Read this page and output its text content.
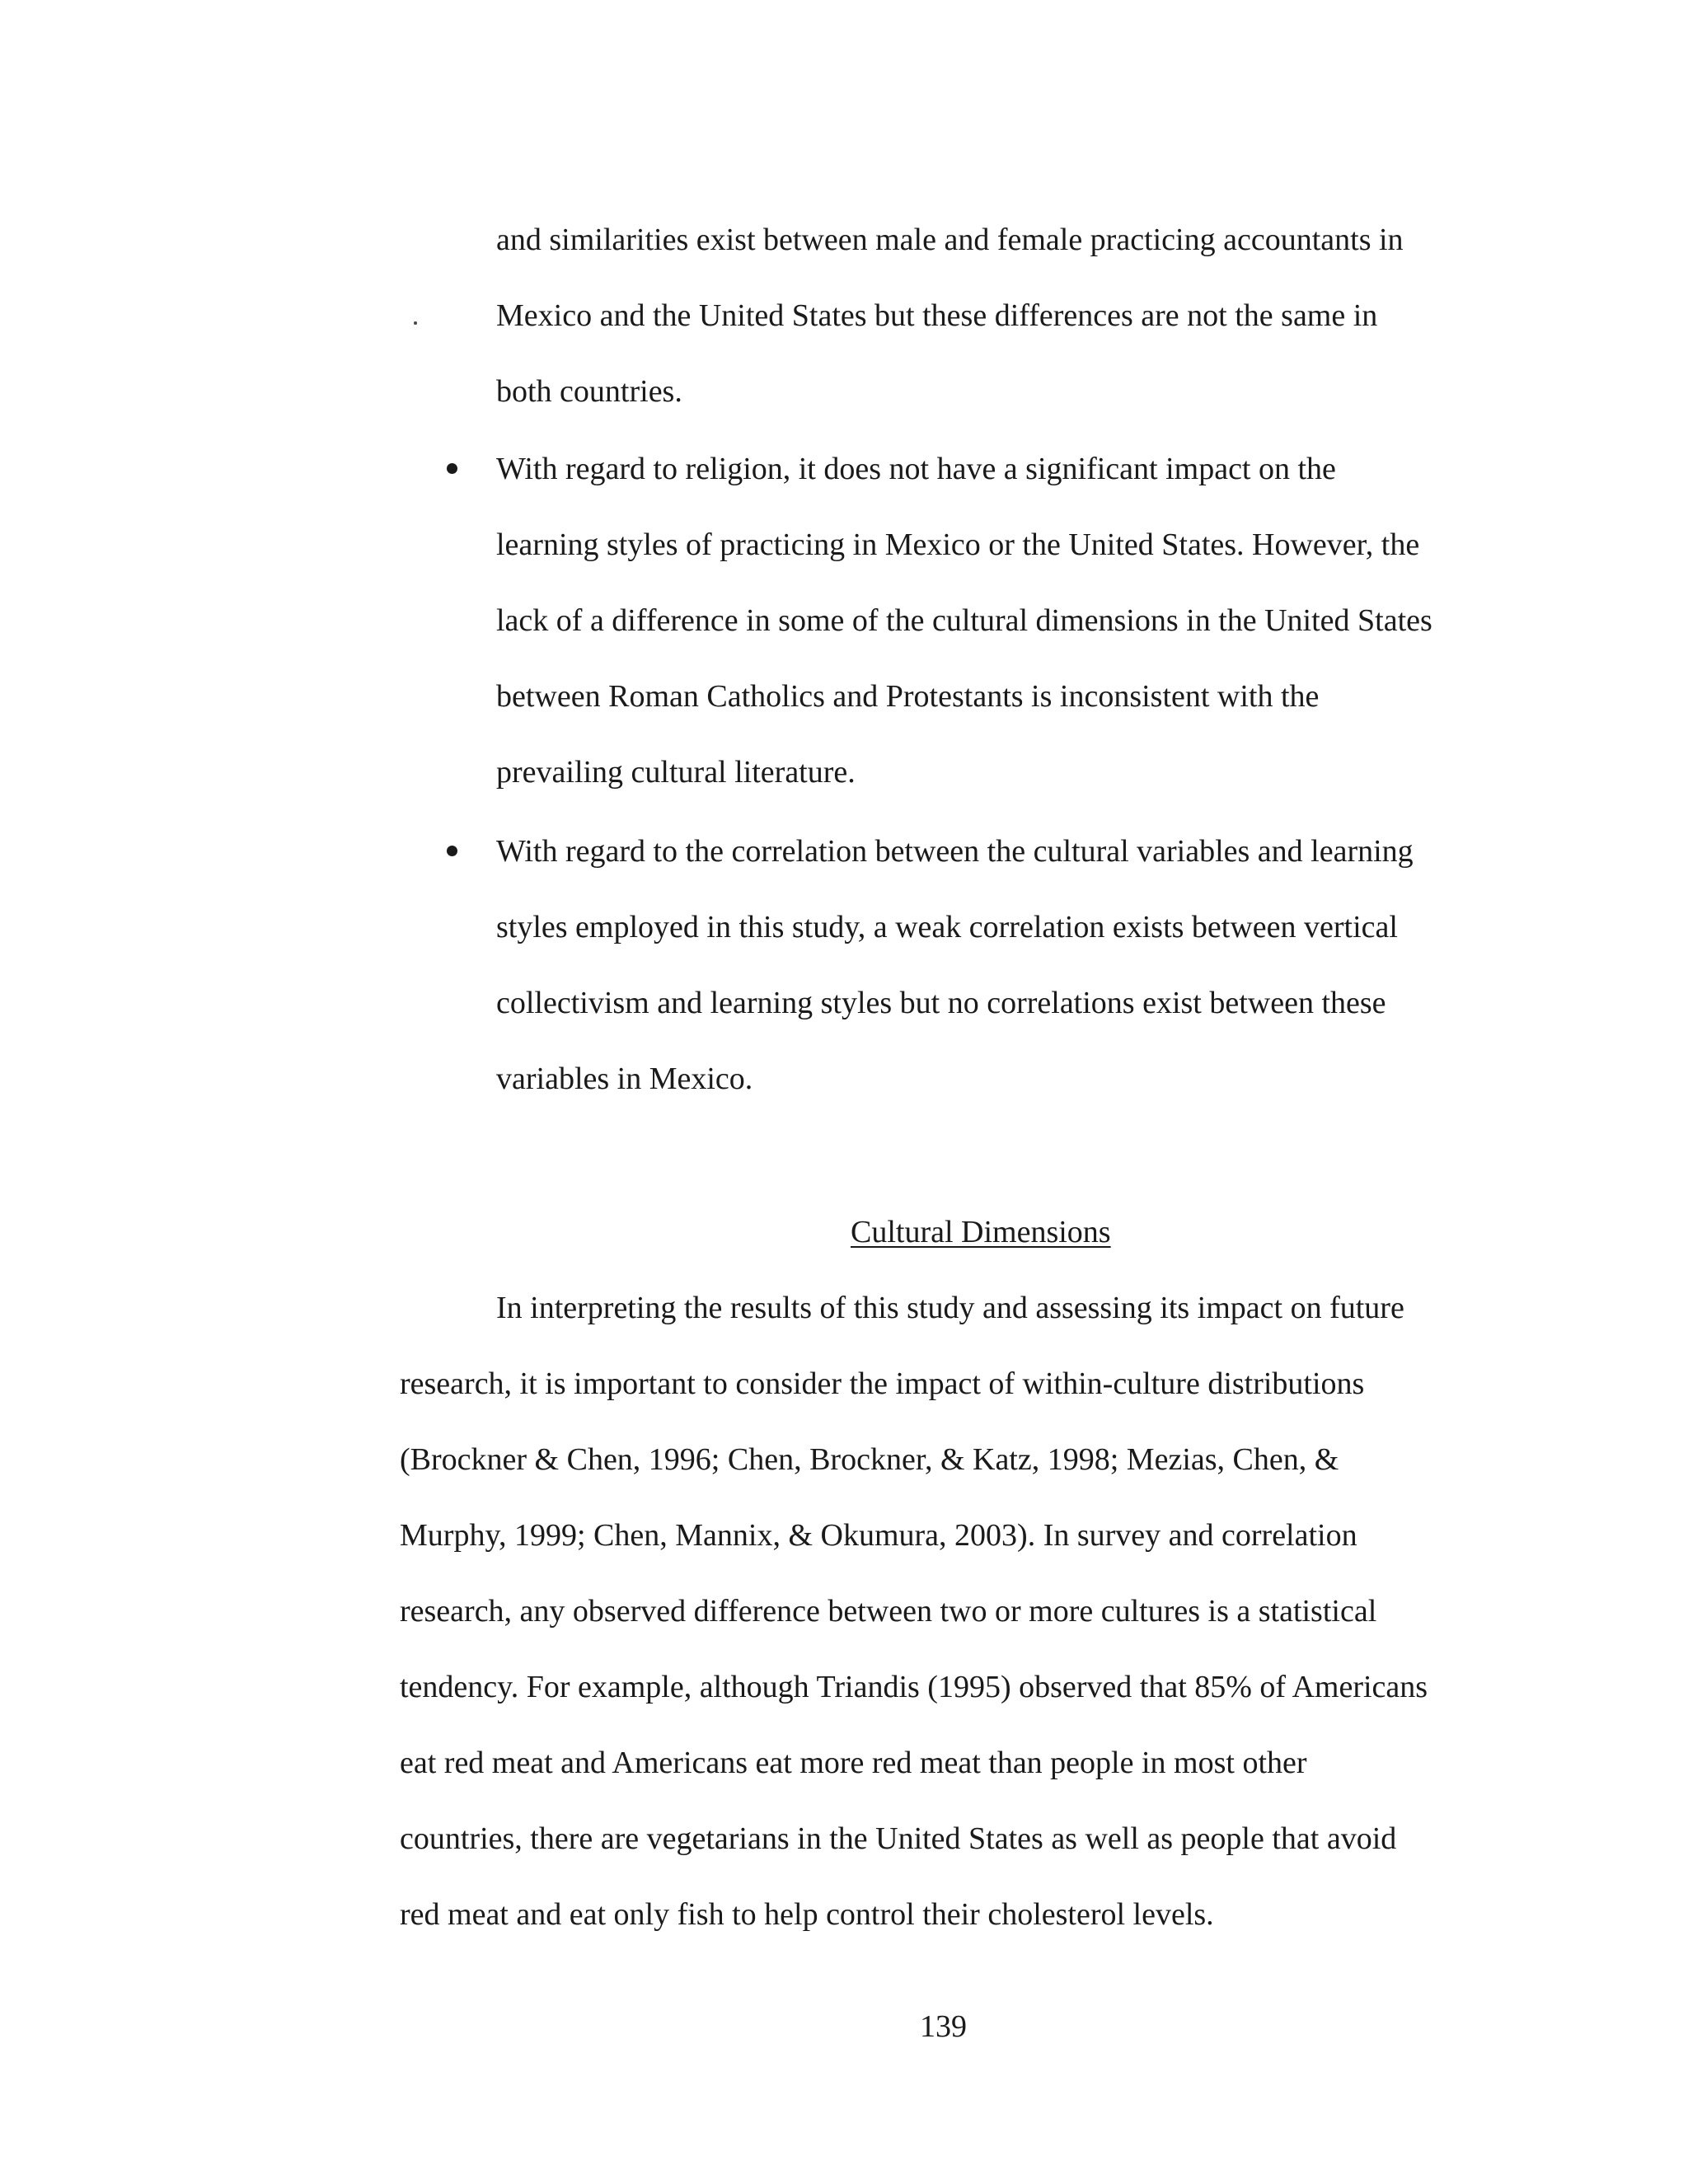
and similarities exist between male and female practicing accountants in
Mexico and the United States but these differences are not the same in
both countries.
With regard to religion, it does not have a significant impact on the
learning styles of practicing in Mexico or the United States. However, the
lack of a difference in some of the cultural dimensions in the United States
between Roman Catholics and Protestants is inconsistent with the
prevailing cultural literature.
With regard to the correlation between the cultural variables and learning
styles employed in this study, a weak correlation exists between vertical
collectivism and learning styles but no correlations exist between these
variables in Mexico.
Cultural Dimensions
In interpreting the results of this study and assessing its impact on future
research, it is important to consider the impact of within-culture distributions
(Brockner & Chen, 1996; Chen, Brockner, & Katz, 1998; Mezias, Chen, &
Murphy, 1999; Chen, Mannix, & Okumura, 2003). In survey and correlation
research, any observed difference between two or more cultures is a statistical
tendency. For example, although Triandis (1995) observed that 85% of Americans
eat red meat and Americans eat more red meat than people in most other
countries, there are vegetarians in the United States as well as people that avoid
red meat and eat only fish to help control their cholesterol levels.
139
